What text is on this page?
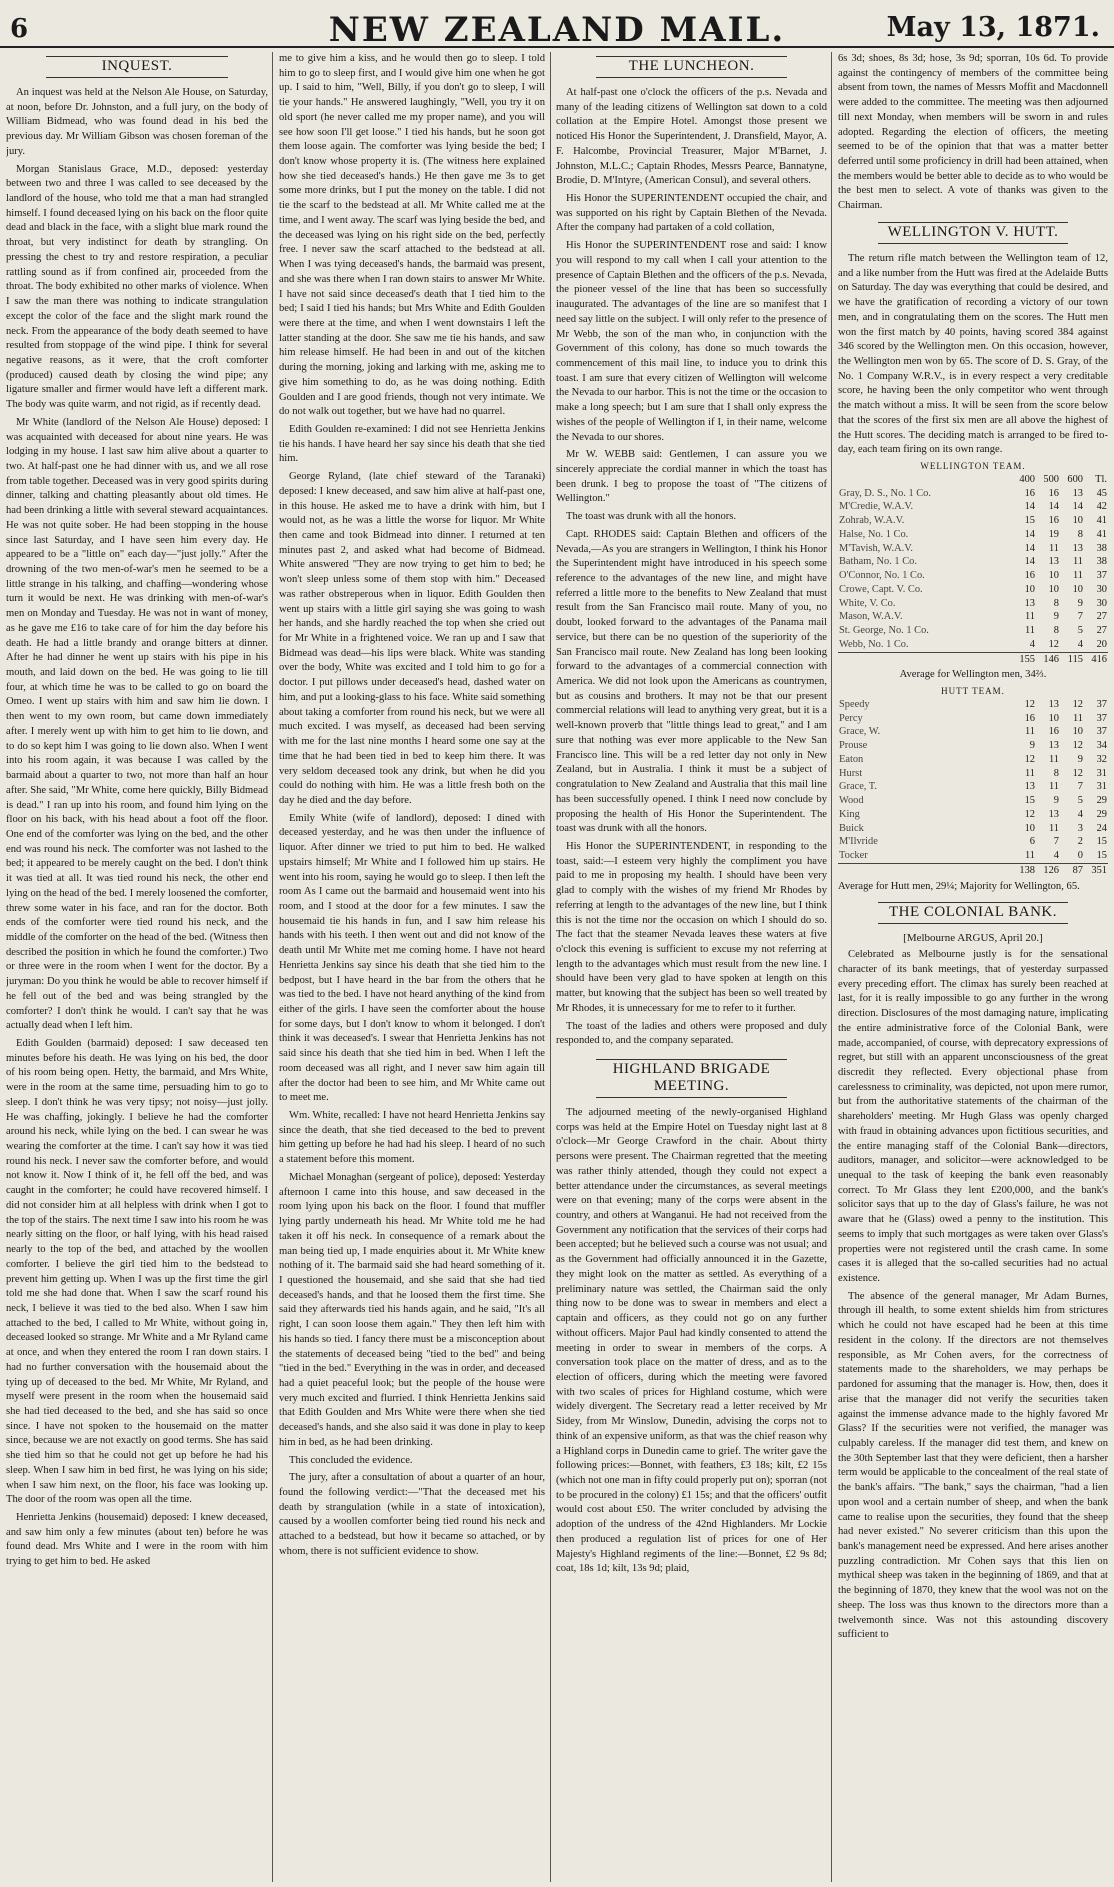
6	NEW ZEALAND MAIL.	May 13, 1871.
INQUEST.

An inquest was held at the Nelson Ale House, on Saturday, at noon, before Dr. Johnston, and a full jury, on the body of William Bidmead, who was found dead in his bed the previous day. Mr William Gibson was chosen foreman of the jury.

Morgan Stanislaus Grace, M.D., deposed: yesterday between two and three I was called to see deceased by the landlord of the house, who told me that a man had strangled himself. I found deceased lying on his back on the floor quite dead and black in the face, with a slight blue mark round the throat, but very indistinct for death by strangling. On pressing the chest to try and restore respiration, a peculiar rattling sound as if from confined air, proceeded from the throat. The body exhibited no other marks of violence. When I saw the man there was nothing to indicate strangulation except the color of the face and the slight mark round the neck. From the appearance of the body death seemed to have resulted from stoppage of the wind pipe. I think for several negative reasons, as it were, that the croft comforter (produced) caused death by closing the wind pipe; any ligature smaller and firmer would have left a different mark. The body was quite warm, and not rigid, as if recently dead.

Mr White (landlord of the Nelson Ale House) deposed: I was acquainted with deceased for about nine years. He was lodging in my house. I last saw him alive about a quarter to two. At half-past one he had dinner with us, and we all rose from table together. Deceased was in very good spirits during dinner, talking and chatting pleasantly about old times. He had been drinking a little with several steward acquaintances. He was not quite sober. He had been stopping in the house since last Saturday, and I have seen him every day. He appeared to be a "little on" each day—"just jolly." After the drowning of the two men-of-war's men he seemed to be a little strange in his talking, and chaffing—wondering whose turn it would be next. He was drinking with men-of-war's men on Monday and Tuesday. He was not in want of money, as he gave me £16 to take care of for him the day before his death. He had a little brandy and orange bitters at dinner. After he had dinner he went up stairs with his pipe in his mouth, and laid down on the bed. He was going to lie till four, at which time he was to be called to go on board the Omeo. I went up stairs with him and saw him lie down. I then went to my own room, but came down immediately after. I merely went up with him to get him to lie down, and to do so kept him I was going to lie down also. When I went into his room again, it was because I was called by the barmaid about a quarter to two, not more than half an hour after. She said, "Mr White, come here quickly, Billy Bidmead is dead." I ran up into his room, and found him lying on the floor on his back, with his head about a foot off the floor. One end of the comforter was lying on the bed, and the other end was round his neck. The comforter was not lashed to the bed; it appeared to be merely caught on the bed. I don't think it was tied at all. It was tied round his neck, the other end lying on the head of the bed. I merely loosened the comforter, threw some water in his face, and ran for the doctor. Both ends of the comforter were tied round his neck, and the middle of the comforter on the head of the bed. (Witness then described the position in which he found the comforter.) Two or three were in the room when I went for the doctor. By a juryman: Do you think he would be able to recover himself if he fell out of the bed and was being strangled by the comforter? I don't think he would. I can't say that he was actually dead when I left him.

Edith Goulden (barmaid) deposed: I saw deceased ten minutes before his death. He was lying on his bed, the door of his room being open. Hetty, the barmaid, and Mrs White, were in the room at the same time, persuading him to go to sleep. I don't think he was very tipsy; not noisy—just jolly. He was chaffing, jokingly. I believe he had the comforter around his neck, while lying on the bed. I can swear he was wearing the comforter at the time. I can't say how it was tied round his neck. I never saw the comforter before, and would not know it. Now I think of it, he fell off the bed, and was caught in the comforter; he could have recovered himself. I did not consider him at all helpless with drink when I got to the top of the stairs. The next time I saw into his room he was nearly sitting on the floor, or half lying, with his head raised nearly to the top of the bed, and attached by the woollen comforter. I believe the girl tied him to the bedstead to prevent him getting up. When I was up the first time the girl told me she had done that. When I saw the scarf round his neck, I believe it was tied to the bed also. When I saw him attached to the bed, I called to Mr White, without going in, deceased looked so strange. Mr White and a Mr Ryland came at once, and when they entered the room I ran down stairs. I had no further conversation with the housemaid about the tying up of deceased to the bed. Mr White, Mr Ryland, and myself were present in the room when the housemaid said she had tied deceased to the bed, and she has said so once since. I have not spoken to the housemaid on the matter since, because we are not exactly on good terms. She has said she tied him so that he could not get up before he had his sleep. When I saw him in bed first, he was lying on his side; when I saw him next, on the floor, his face was looking up. The door of the room was open all the time.

Henrietta Jenkins (housemaid) deposed: I knew deceased, and saw him only a few minutes (about ten) before he was found dead. Mrs White and I were in the room with him trying to get him to bed. He asked

me to give him a kiss, and he would then go to sleep. I told him to go to sleep first, and I would give him one when he got up. I said to him, "Well, Billy, if you don't go to sleep, I will tie your hands." He answered laughingly, "Well, you try it on old sport (he never called me my proper name), and you will see how soon I'll get loose." I tied his hands, but he soon got them loose again. The comforter was lying beside the bed; I don't know whose property it is. (The witness here explained how she tied deceased's hands.) He then gave me 3s to get some more drinks, but I put the money on the table. I did not tie the scarf to the bedstead at all. Mr White called me at the time, and I went away. The scarf was lying beside the bed, and the deceased was lying on his right side on the bed, perfectly free. I never saw the scarf attached to the bedstead at all. When I was tying deceased's hands, the barmaid was present, and she was there when I ran down stairs to answer Mr White. I have not said since deceased's death that I tied him to the bed; I said I tied his hands; but Mrs White and Edith Goulden were there at the time, and when I went downstairs I left the latter standing at the door. She saw me tie his hands, and saw him release himself. He had been in and out of the kitchen during the morning, joking and larking with me, asking me to give him something to do, as he was doing nothing. Edith Goulden and I are good friends, though not very intimate. We do not walk out together, but we have had no quarrel.

Edith Goulden re-examined: I did not see Henrietta Jenkins tie his hands. I have heard her say since his death that she tied him.

George Ryland, (late chief steward of the Taranaki) deposed: I knew deceased, and saw him alive at half-past one, in this house. He asked me to have a drink with him, but I would not, as he was a little the worse for liquor. Mr White then came and took Bidmead into dinner. I returned at ten minutes past 2, and asked what had become of Bidmead. White answered "They are now trying to get him to bed; he won't sleep unless some of them stop with him." Deceased was rather obstreperous when in liquor. Edith Goulden then went up stairs with a little girl saying she was going to wash her hands, and she hardly reached the top when she cried out for Mr White in a frightened voice. We ran up and I saw that Bidmead was dead—his lips were black. White was standing over the body, White was excited and I told him to go for a doctor. I put pillows under deceased's head, dashed water on him, and put a looking-glass to his face. White said something about taking a comforter from round his neck, but we were all much excited. I was myself, as deceased had been serving with me for the last nine months I heard some one say at the time that he had been tied in bed to keep him there. It was very seldom deceased took any drink, but when he did you could do nothing with him. He was a little fresh both on the day he died and the day before.

Emily White (wife of landlord), deposed: I dined with deceased yesterday, and he was then under the influence of liquor. After dinner we tried to put him to bed. He walked upstairs himself; Mr White and I followed him up stairs. He went into his room, saying he would go to sleep. I then left the room As I came out the barmaid and housemaid went into his room, and I stood at the door for a few minutes. I saw the housemaid tie his hands in fun, and I saw him release his hands with his teeth. I then went out and did not know of the death until Mr White met me coming home. I have not heard Henrietta Jenkins say since his death that she tied him to the bedpost, but I have heard in the bar from the others that he was tied to the bed. I have not heard anything of the kind from either of the girls. I have seen the comforter about the house for some days, but I don't know to whom it belonged. I don't think it was deceased's. I swear that Henrietta Jenkins has not said since his death that she tied him in bed. When I left the room deceased was all right, and I never saw him again till after the doctor had been to see him, and Mr White came out to meet me.

Wm. White, recalled: I have not heard Henrietta Jenkins say since the death, that she tied deceased to the bed to prevent him getting up before he had had his sleep. I heard of no such a statement before this moment.

Michael Monaghan (sergeant of police), deposed: Yesterday afternoon I came into this house, and saw deceased in the room lying upon his back on the floor. I found that muffler lying partly underneath his head. Mr White told me he had taken it off his neck. In consequence of a remark about the man being tied up, I made enquiries about it. Mr White knew nothing of it. The barmaid said she had heard something of it. I questioned the housemaid, and she said that she had tied deceased's hands, and that he loosed them the first time. She said they afterwards tied his hands again, and he said, "It's all right, I can soon loose them again." They then left him with his hands so tied. I fancy there must be a misconception about the statements of deceased being "tied to the bed" and being "tied in the bed." Everything in the was in order, and deceased had a quiet peaceful look; but the people of the house were very much excited and flurried. I think Henrietta Jenkins said that Edith Goulden and Mrs White were there when she tied deceased's hands, and she also said it was done in play to keep him in bed, as he had been drinking.

This concluded the evidence.

The jury, after a consultation of about a quarter of an hour, found the following verdict:—"That the deceased met his death by strangulation (while in a state of intoxication), caused by a woollen comforter being tied round his neck and attached to a bedstead, but how it became so attached, or by whom, there is not sufficient evidence to show.

THE LUNCHEON.

At half-past one o'clock the officers of the p.s. Nevada and many of the leading citizens of Wellington sat down to a cold collation at the Empire Hotel. Amongst those present we noticed His Honor the Superintendent, J. Dransfield, Mayor, A. F. Halcombe, Provincial Treasurer, Major M'Barnet, J. Johnston, M.L.C.; Captain Rhodes, Messrs Pearce, Bannatyne, Brodie, D. M'Intyre, (American Consul), and several others.

His Honor the SUPERINTENDENT occupied the chair, and was supported on his right by Captain Blethen of the Nevada. After the company had partaken of a cold collation,

His Honor the SUPERINTENDENT rose and said: I know you will respond to my call when I call your attention to the presence of Captain Blethen and the officers of the p.s. Nevada, the pioneer vessel of the line that has been so successfully inaugurated. The advantages of the line are so manifest that I need say little on the subject. I will only refer to the presence of Mr Webb, the son of the man who, in conjunction with the Government of this colony, has done so much towards the commencement of this mail line, to induce you to drink this toast. I am sure that every citizen of Wellington will welcome the Nevada to our harbor. This is not the time or the occasion to make a long speech; but I am sure that I shall only express the wishes of the people of Wellington if I, in their name, welcome the Nevada to our shores.

Mr W. WEBB said: Gentlemen, I can assure you we sincerely appreciate the cordial manner in which the toast has been drunk. I beg to propose the toast of "The citizens of Wellington."

The toast was drunk with all the honors.

Capt. RHODES said: Captain Blethen and officers of the Nevada,—As you are strangers in Wellington, I think his Honor the Superintendent might have introduced in his speech some reference to the advantages of the new line, and might have referred a little more to the benefits to New Zealand that must result from the San Francisco mail route. Many of you, no doubt, looked forward to the advantages of the Panama mail service, but there can be no question of the superiority of the San Francisco mail route. New Zealand has long been looking forward to the advantages of a commercial connection with America. We did not look upon the Americans as countrymen, but as cousins and brothers. It may not be that our present commercial relations will lead to anything very great, but it is a well-known proverb that "little things lead to great," and I am sure that nothing was ever more applicable to the New San Francisco line. This will be a red letter day not only in New Zealand, but in Australia. I think it must be a subject of congratulation to New Zealand and Australia that this mail line has been successfully opened. I think I need now conclude by proposing the health of His Honor the Superintendent. The toast was drunk with all the honors.

His Honor the SUPERINTENDENT, in responding to the toast, said:—I esteem very highly the compliment you have paid to me in proposing my health. I should have been very glad to comply with the wishes of my friend Mr Rhodes by referring at length to the advantages of the new line, but I think this is not the time nor the occasion on which I should do so. The fact that the steamer Nevada leaves these waters at five o'clock this evening is sufficient to excuse my not referring at length to the advantages which must result from the new line. I should have been very glad to have spoken at length on this matter, but knowing that the subject has been so well treated by Mr Rhodes, it is unnecessary for me to refer to it further.

The toast of the ladies and others were proposed and duly responded to, and the company separated.

HIGHLAND BRIGADE MEETING.

The adjourned meeting of the newly-organised Highland corps was held at the Empire Hotel on Tuesday night last at 8 o'clock—Mr George Crawford in the chair. About thirty persons were present. The Chairman regretted that the meeting was rather thinly attended, though they could not expect a better attendance under the circumstances, as several meetings were on that evening; many of the corps were absent in the country, and others at Wanganui. He had not received from the Government any notification that the services of their corps had been accepted; but he believed such a course was not usual; and as the Government had officially announced it in the Gazette, they might look on the matter as settled. As everything of a preliminary nature was settled, the Chairman said the only thing now to be done was to swear in members and elect a captain and officers, as they could not go on any further without officers. Major Paul had kindly consented to attend the meeting in order to swear in members of the corps. A conversation took place on the matter of dress, and as to the election of officers, during which the meeting were favored with two scales of prices for Highland costume, which were widely divergent. The Secretary read a letter received by Mr Sidey, from Mr Winslow, Dunedin, advising the corps not to think of an expensive uniform, as that was the chief reason why a Highland corps in Dunedin came to grief. The writer gave the following prices:—Bonnet, with feathers, £3 18s; kilt, £2 15s (which not one man in fifty could properly put on); sporran (not to be procured in the colony) £1 15s; and that the officers' outfit would cost about £50. The writer concluded by advising the adoption of the undress of the 42nd Highlanders. Mr Lockie then produced a regulation list of prices for one of Her Majesty's Highland regiments of the line:—Bonnet, £2 9s 8d; coat, 18s 1d; kilt, 13s 9d; plaid,

6s 3d; shoes, 8s 3d; hose, 3s 9d; sporran, 10s 6d. To provide against the contingency of members of the committee being absent from town, the names of Messrs Moffit and Macdonnell were added to the committee. The meeting was then adjourned till next Monday, when members will be sworn in and rules adopted. Regarding the election of officers, the meeting seemed to be of the opinion that that was a matter better deferred until some proficiency in drill had been attained, when the members would be better able to decide as to who would be the best men to select. A vote of thanks was given to the Chairman.

WELLINGTON V. HUTT.

The return rifle match between the Wellington team of 12, and a like number from the Hutt was fired at the Adelaide Butts on Saturday. The day was everything that could be desired, and we have the gratification of recording a victory of our town men, and in congratulating them on the scores. The Hutt men won the first match by 40 points, having scored 384 against 346 scored by the Wellington men. On this occasion, however, the Wellington men won by 65. The score of D. S. Gray, of the No. 1 Company W.R.V., is in every respect a very creditable score, he having been the only competitor who went through the match without a miss. It will be seen from the score below that the scores of the first six men are all above the highest of the Hutt scores. The deciding match is arranged to be fired to-day, each team firing on its own range.

WELLINGTON TEAM.
	400	500	600	Tl.
Gray, D. S., No. 1 Co.	16	16	13	45
M'Credie, W.A.V.	14	14	14	42
Zohrab, W.A.V.	15	16	10	41
Halse, No. 1 Co.	14	19	8	41
M'Tavish, W.A.V.	14	11	13	38
Batham, No. 1 Co.	14	13	11	38
O'Connor, No. 1 Co.	16	10	11	37
Crowe, Capt. V. Co.	10	10	10	30
White, V. Co.	13	8	9	30
Mason, W.A.V.	11	9	7	27
St. George, No. 1 Co.	11	8	5	27
Webb, No. 1 Co.	4	12	4	20
	155	146	115	416

Average for Wellington men, 34⅔.

HUTT TEAM.
Speedy	12	13	12	37
Percy	16	10	11	37
Grace, W.	11	16	10	37
Prouse	9	13	12	34
Eaton	12	11	9	32
Hurst	11	8	12	31
Grace, T.	13	11	7	31
Wood	15	9	5	29
King	12	13	4	29
Buick	10	11	3	24
M'Ilvride	6	7	2	15
Tocker	11	4	0	15
	138	126	87	351

Average for Hutt men, 29¼; Majority for Wellington, 65.

THE COLONIAL BANK.
[Melbourne ARGUS, April 20.]

Celebrated as Melbourne justly is for the sensational character of its bank meetings, that of yesterday surpassed every preceding effort. The climax has surely been reached at last, for it is really impossible to go any further in the wrong direction. Disclosures of the most damaging nature, implicating the entire administrative force of the Colonial Bank, were made, accompanied, of course, with deprecatory expressions of regret, but still with an apparent unconsciousness of the great discredit they reflected. Every objectional phase from carelessness to criminality, was depicted, not upon mere rumor, but from the authoritative statements of the chairman of the shareholders' meeting. Mr Hugh Glass was openly charged with fraud in obtaining advances upon fictitious securities, and the entire managing staff of the Colonial Bank—directors, auditors, manager, and solicitor—were acknowledged to be unequal to the task of keeping the bank even reasonably correct. To Mr Glass they lent £200,000, and the bank's solicitor says that up to the day of Glass's failure, he was not aware that he (Glass) owed a penny to the institution. This seems to imply that such mortgages as were taken over Glass's properties were not registered until the crash came. In some cases it is alleged that the so-called securities had no actual existence.

The absence of the general manager, Mr Adam Burnes, through ill health, to some extent shields him from strictures which he could not have escaped had he been at this time resident in the colony. If the directors are not themselves responsible, as Mr Cohen avers, for the correctness of statements made to the shareholders, we may perhaps be pardoned for assuming that the manager is. How, then, does it arise that the manager did not verify the securities taken against the immense advance made to the highly favored Mr Glass? If the securities were not verified, the manager was culpably careless. If the manager did test them, and knew on the 30th September last that they were deficient, then a harsher term would be applicable to the concealment of the real state of the bank's affairs. "The bank," says the chairman, "had a lien upon wool and a certain number of sheep, and when the bank came to realise upon the securities, they found that the sheep had never existed." No severer criticism than this upon the bank's management need be expressed. And here arises another puzzling contradiction. Mr Cohen says that this lien on mythical sheep was taken in the beginning of 1869, and that at the beginning of 1870, they knew that the wool was not on the sheep. The loss was thus known to the directors more than a twelvemonth since. Was not this astounding discovery sufficient to
